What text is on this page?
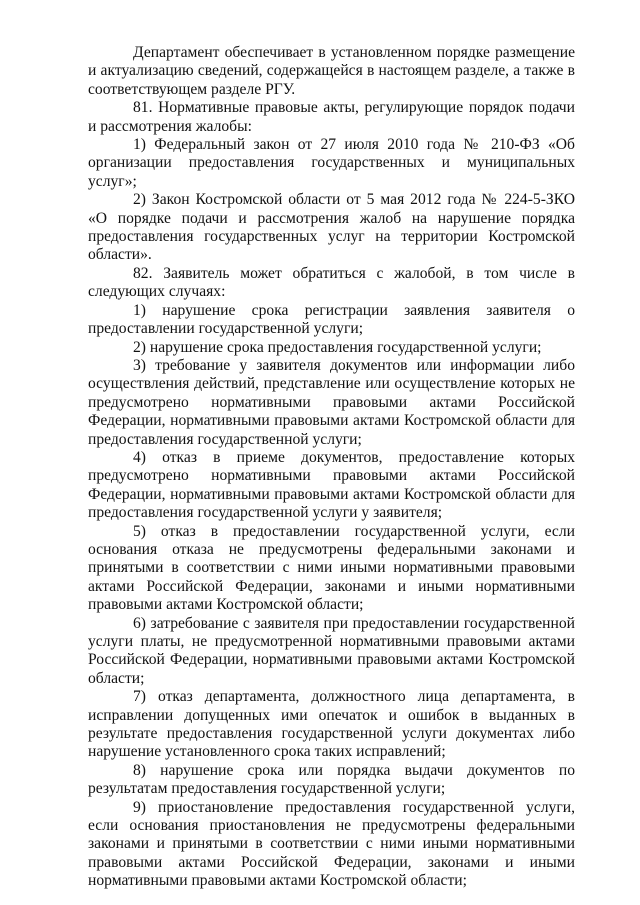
Департамент обеспечивает в установленном порядке размещение и актуализацию сведений, содержащейся в настоящем разделе, а также в соответствующем разделе РГУ.

81. Нормативные правовые акты, регулирующие порядок подачи и рассмотрения жалобы:

1) Федеральный закон от 27 июля 2010 года № 210-ФЗ «Об организации предоставления государственных и муниципальных услуг»;

2) Закон Костромской области от 5 мая 2012 года № 224-5-ЗКО «О порядке подачи и рассмотрения жалоб на нарушение порядка предоставления государственных услуг на территории Костромской области».

82. Заявитель может обратиться с жалобой, в том числе в следующих случаях:

1) нарушение срока регистрации заявления заявителя о предоставлении государственной услуги;

2) нарушение срока предоставления государственной услуги;

3) требование у заявителя документов или информации либо осуществления действий, представление или осуществление которых не предусмотрено нормативными правовыми актами Российской Федерации, нормативными правовыми актами Костромской области для предоставления государственной услуги;

4) отказ в приеме документов, предоставление которых предусмотрено нормативными правовыми актами Российской Федерации, нормативными правовыми актами Костромской области для предоставления государственной услуги у заявителя;

5) отказ в предоставлении государственной услуги, если основания отказа не предусмотрены федеральными законами и принятыми в соответствии с ними иными нормативными правовыми актами Российской Федерации, законами и иными нормативными правовыми актами Костромской области;

6) затребование с заявителя при предоставлении государственной услуги платы, не предусмотренной нормативными правовыми актами Российской Федерации, нормативными правовыми актами Костромской области;

7) отказ департамента, должностного лица департамента, в исправлении допущенных ими опечаток и ошибок в выданных в результате предоставления государственной услуги документах либо нарушение установленного срока таких исправлений;

8) нарушение срока или порядка выдачи документов по результатам предоставления государственной услуги;

9) приостановление предоставления государственной услуги, если основания приостановления не предусмотрены федеральными законами и принятыми в соответствии с ними иными нормативными правовыми актами Российской Федерации, законами и иными нормативными правовыми актами Костромской области;
